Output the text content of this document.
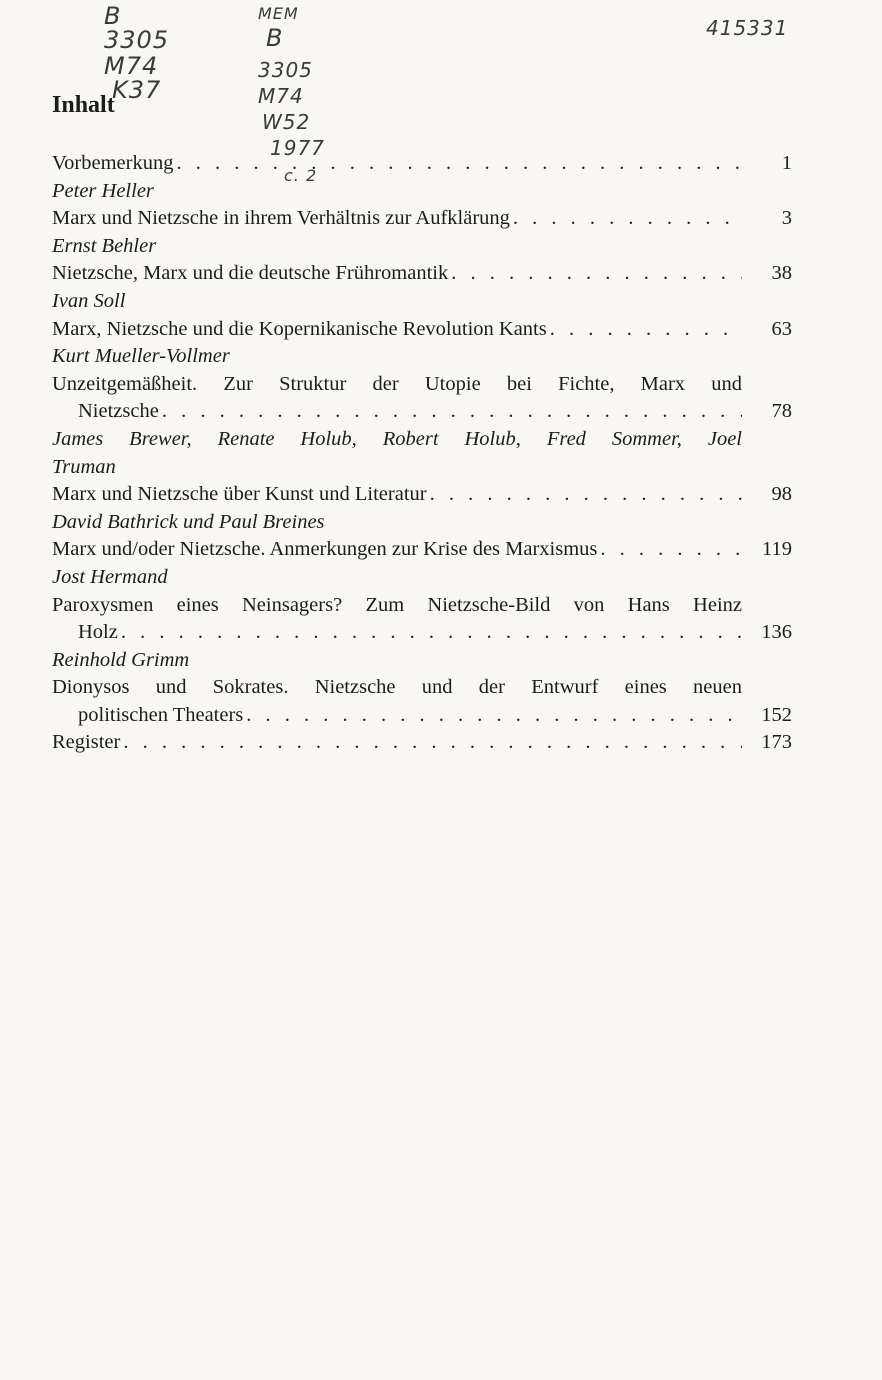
B
3305
M74
K37
MEM
B
3305
M74
W52
1977
c. 2
415331
Inhalt
Vorbemerkung . . .	1
Peter Heller
Marx und Nietzsche in ihrem Verhältnis zur Aufklärung . . .	3
Ernst Behler
Nietzsche, Marx und die deutsche Frühromantik . . .	38
Ivan Soll
Marx, Nietzsche und die Kopernikanische Revolution Kants . . .	63
Kurt Mueller-Vollmer
Unzeitgemäßheit. Zur Struktur der Utopie bei Fichte, Marx und
Nietzsche . . .	78
James Brewer, Renate Holub, Robert Holub, Fred Sommer, Joel
Truman
Marx und Nietzsche über Kunst und Literatur . . .	98
David Bathrick und Paul Breines
Marx und/oder Nietzsche. Anmerkungen zur Krise des Marxismus . . .	119
Jost Hermand
Paroxysmen eines Neinsagers? Zum Nietzsche-Bild von Hans Heinz
Holz . . .	136
Reinhold Grimm
Dionysos und Sokrates. Nietzsche und der Entwurf eines neuen
politischen Theaters . . .	152
Register . . .	173
